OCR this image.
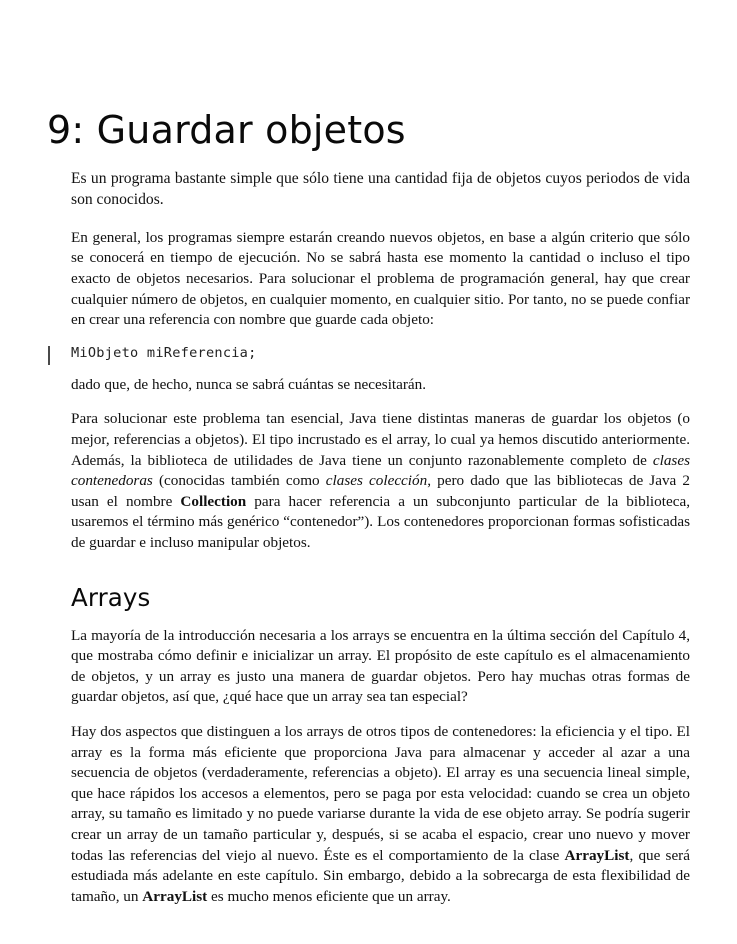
9: Guardar objetos

Es un programa bastante simple que sólo tiene una cantidad fija de objetos cuyos periodos de vida son conocidos.

En general, los programas siempre estarán creando nuevos objetos, en base a algún criterio que sólo se conocerá en tiempo de ejecución. No se sabrá hasta ese momento la cantidad o incluso el tipo exacto de objetos necesarios. Para solucionar el problema de programación general, hay que crear cualquier número de objetos, en cualquier momento, en cualquier sitio. Por tanto, no se puede confiar en crear una referencia con nombre que guarde cada objeto:

MiObjeto miReferencia;

dado que, de hecho, nunca se sabrá cuántas se necesitarán.

Para solucionar este problema tan esencial, Java tiene distintas maneras de guardar los objetos (o mejor, referencias a objetos). El tipo incrustado es el array, lo cual ya hemos discutido anteriormente. Además, la biblioteca de utilidades de Java tiene un conjunto razonablemente completo de clases contenedoras (conocidas también como clases colección, pero dado que las bibliotecas de Java 2 usan el nombre Collection para hacer referencia a un subconjunto particular de la biblioteca, usaremos el término más genérico “contenedor”). Los contenedores proporcionan formas sofisticadas de guardar e incluso manipular objetos.

Arrays

La mayoría de la introducción necesaria a los arrays se encuentra en la última sección del Capítulo 4, que mostraba cómo definir e inicializar un array. El propósito de este capítulo es el almacenamiento de objetos, y un array es justo una manera de guardar objetos. Pero hay muchas otras formas de guardar objetos, así que, ¿qué hace que un array sea tan especial?

Hay dos aspectos que distinguen a los arrays de otros tipos de contenedores: la eficiencia y el tipo. El array es la forma más eficiente que proporciona Java para almacenar y acceder al azar a una secuencia de objetos (verdaderamente, referencias a objeto). El array es una secuencia lineal simple, que hace rápidos los accesos a elementos, pero se paga por esta velocidad: cuando se crea un objeto array, su tamaño es limitado y no puede variarse durante la vida de ese objeto array. Se podría sugerir crear un array de un tamaño particular y, después, si se acaba el espacio, crear uno nuevo y mover todas las referencias del viejo al nuevo. Éste es el comportamiento de la clase ArrayList, que será estudiada más adelante en este capítulo. Sin embargo, debido a la sobrecarga de esta flexibilidad de tamaño, un ArrayList es mucho menos eficiente que un array.
